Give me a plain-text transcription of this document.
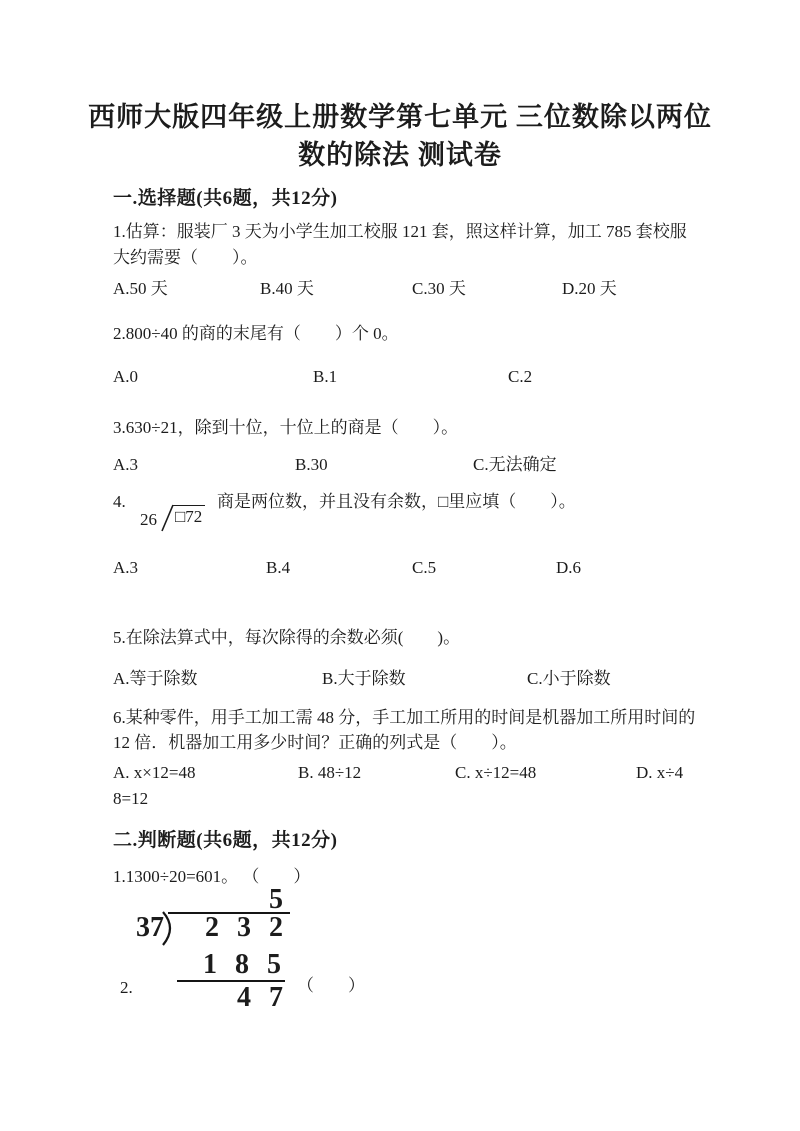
西师大版四年级上册数学第七单元 三位数除以两位
数的除法 测试卷
一.选择题(共6题，共12分)
1.估算：服装厂 3 天为小学生加工校服 121 套，照这样计算，加工 785 套校服
大约需要（　　）。
A.50 天	B.40 天	C.30 天	D.20 天
2.800÷40 的商的末尾有（　　）个 0。
A.0	B.1	C.2
3.630÷21，除到十位，十位上的商是（　　）。
A.3	B.30	C.无法确定
4.
26 □72
商是两位数，并且没有余数，□里应填（　　）。
A.3	B.4	C.5	D.6
5.在除法算式中，每次除得的余数必须(　　)。
A.等于除数	B.大于除数	C.小于除数
6.某种零件，用手工加工需 48 分，手工加工所用的时间是机器加工所用时间的
12 倍．机器加工用多少时间？正确的列式是（　　）。
A. x×12=48	B. 48÷12	C. x÷12=48	D. x÷4
8=12
二.判断题(共6题，共12分)
1.1300÷20=601。 （　　）
5
37 2 3 2
1 8 5
4 7
2.	（　　）
